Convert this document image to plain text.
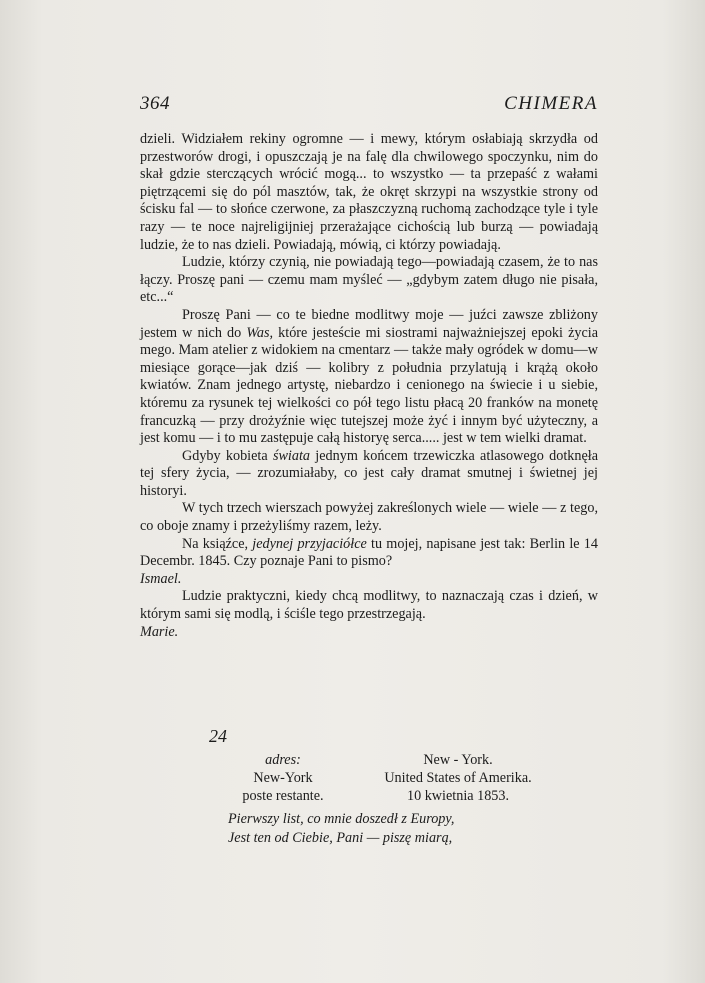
364	CHIMERA

dzieli. Widziałem rekiny ogromne — i mewy, którym osłabiają skrzydła od przestworów drogi, i opuszczają je na falę dla chwilowego spoczynku, nim do skał gdzie sterczących wrócić mogą... to wszystko — ta przepaść z wałami piętrzącemi się do pól masztów, tak, że okręt skrzypi na wszystkie strony od ścisku fal — to słońce czerwone, za płaszczyzną ruchomą zachodzące tyle i tyle razy — te noce najreligijniej przerażające cichością lub burzą — powiadają ludzie, że to nas dzieli. Powiadają, mówią, ci którzy powiadają.

Ludzie, którzy czynią, nie powiadają tego—powiadają czasem, że to nas łączy. Proszę pani — czemu mam myśleć — „gdybym zatem długo nie pisała, etc...“

Proszę Pani — co te biedne modlitwy moje — juźci zawsze zbliżony jestem w nich do Was, które jesteście mi siostrami najważniejszej epoki życia mego. Mam atelier z widokiem na cmentarz — także mały ogródek w domu—w miesiące gorące—jak dziś — kolibry z południa przylatują i krążą około kwiatów. Znam jednego artystę, niebardzo i cenionego na świecie i u siebie, któremu za rysunek tej wielkości co pół tego listu płacą 20 franków na monetę francuzką — przy drożyźnie więc tutejszej może żyć i innym być użyteczny, a jest komu — i to mu zastępuje całą historyę serca..... jest w tem wielki dramat.

Gdyby kobieta świata jednym końcem trzewiczka atlasowego dotknęła tej sfery życia, — zrozumiałaby, co jest cały dramat smutnej i świetnej jej historyi.

W tych trzech wierszach powyżej zakreślonych wiele — wiele — z tego, co oboje znamy i przeżyliśmy razem, leży.

Na ksiąźce, jedynej przyjaciółce tu mojej, napisane jest tak: Berlin le 14 Decembr. 1845. Czy poznaje Pani to pismo?

Ismael.

Ludzie praktyczni, kiedy chcą modlitwy, to naznaczają czas i dzień, w którym sami się modlą, i ściśle tego przestrzegają.

Marie.

24
adres:
New-York
poste restante.
New - York.
United States of Amerika.
10 kwietnia 1853.
Pierwszy list, co mnie doszedł z Europy,
Jest ten od Ciebie, Pani — piszę miarą,
